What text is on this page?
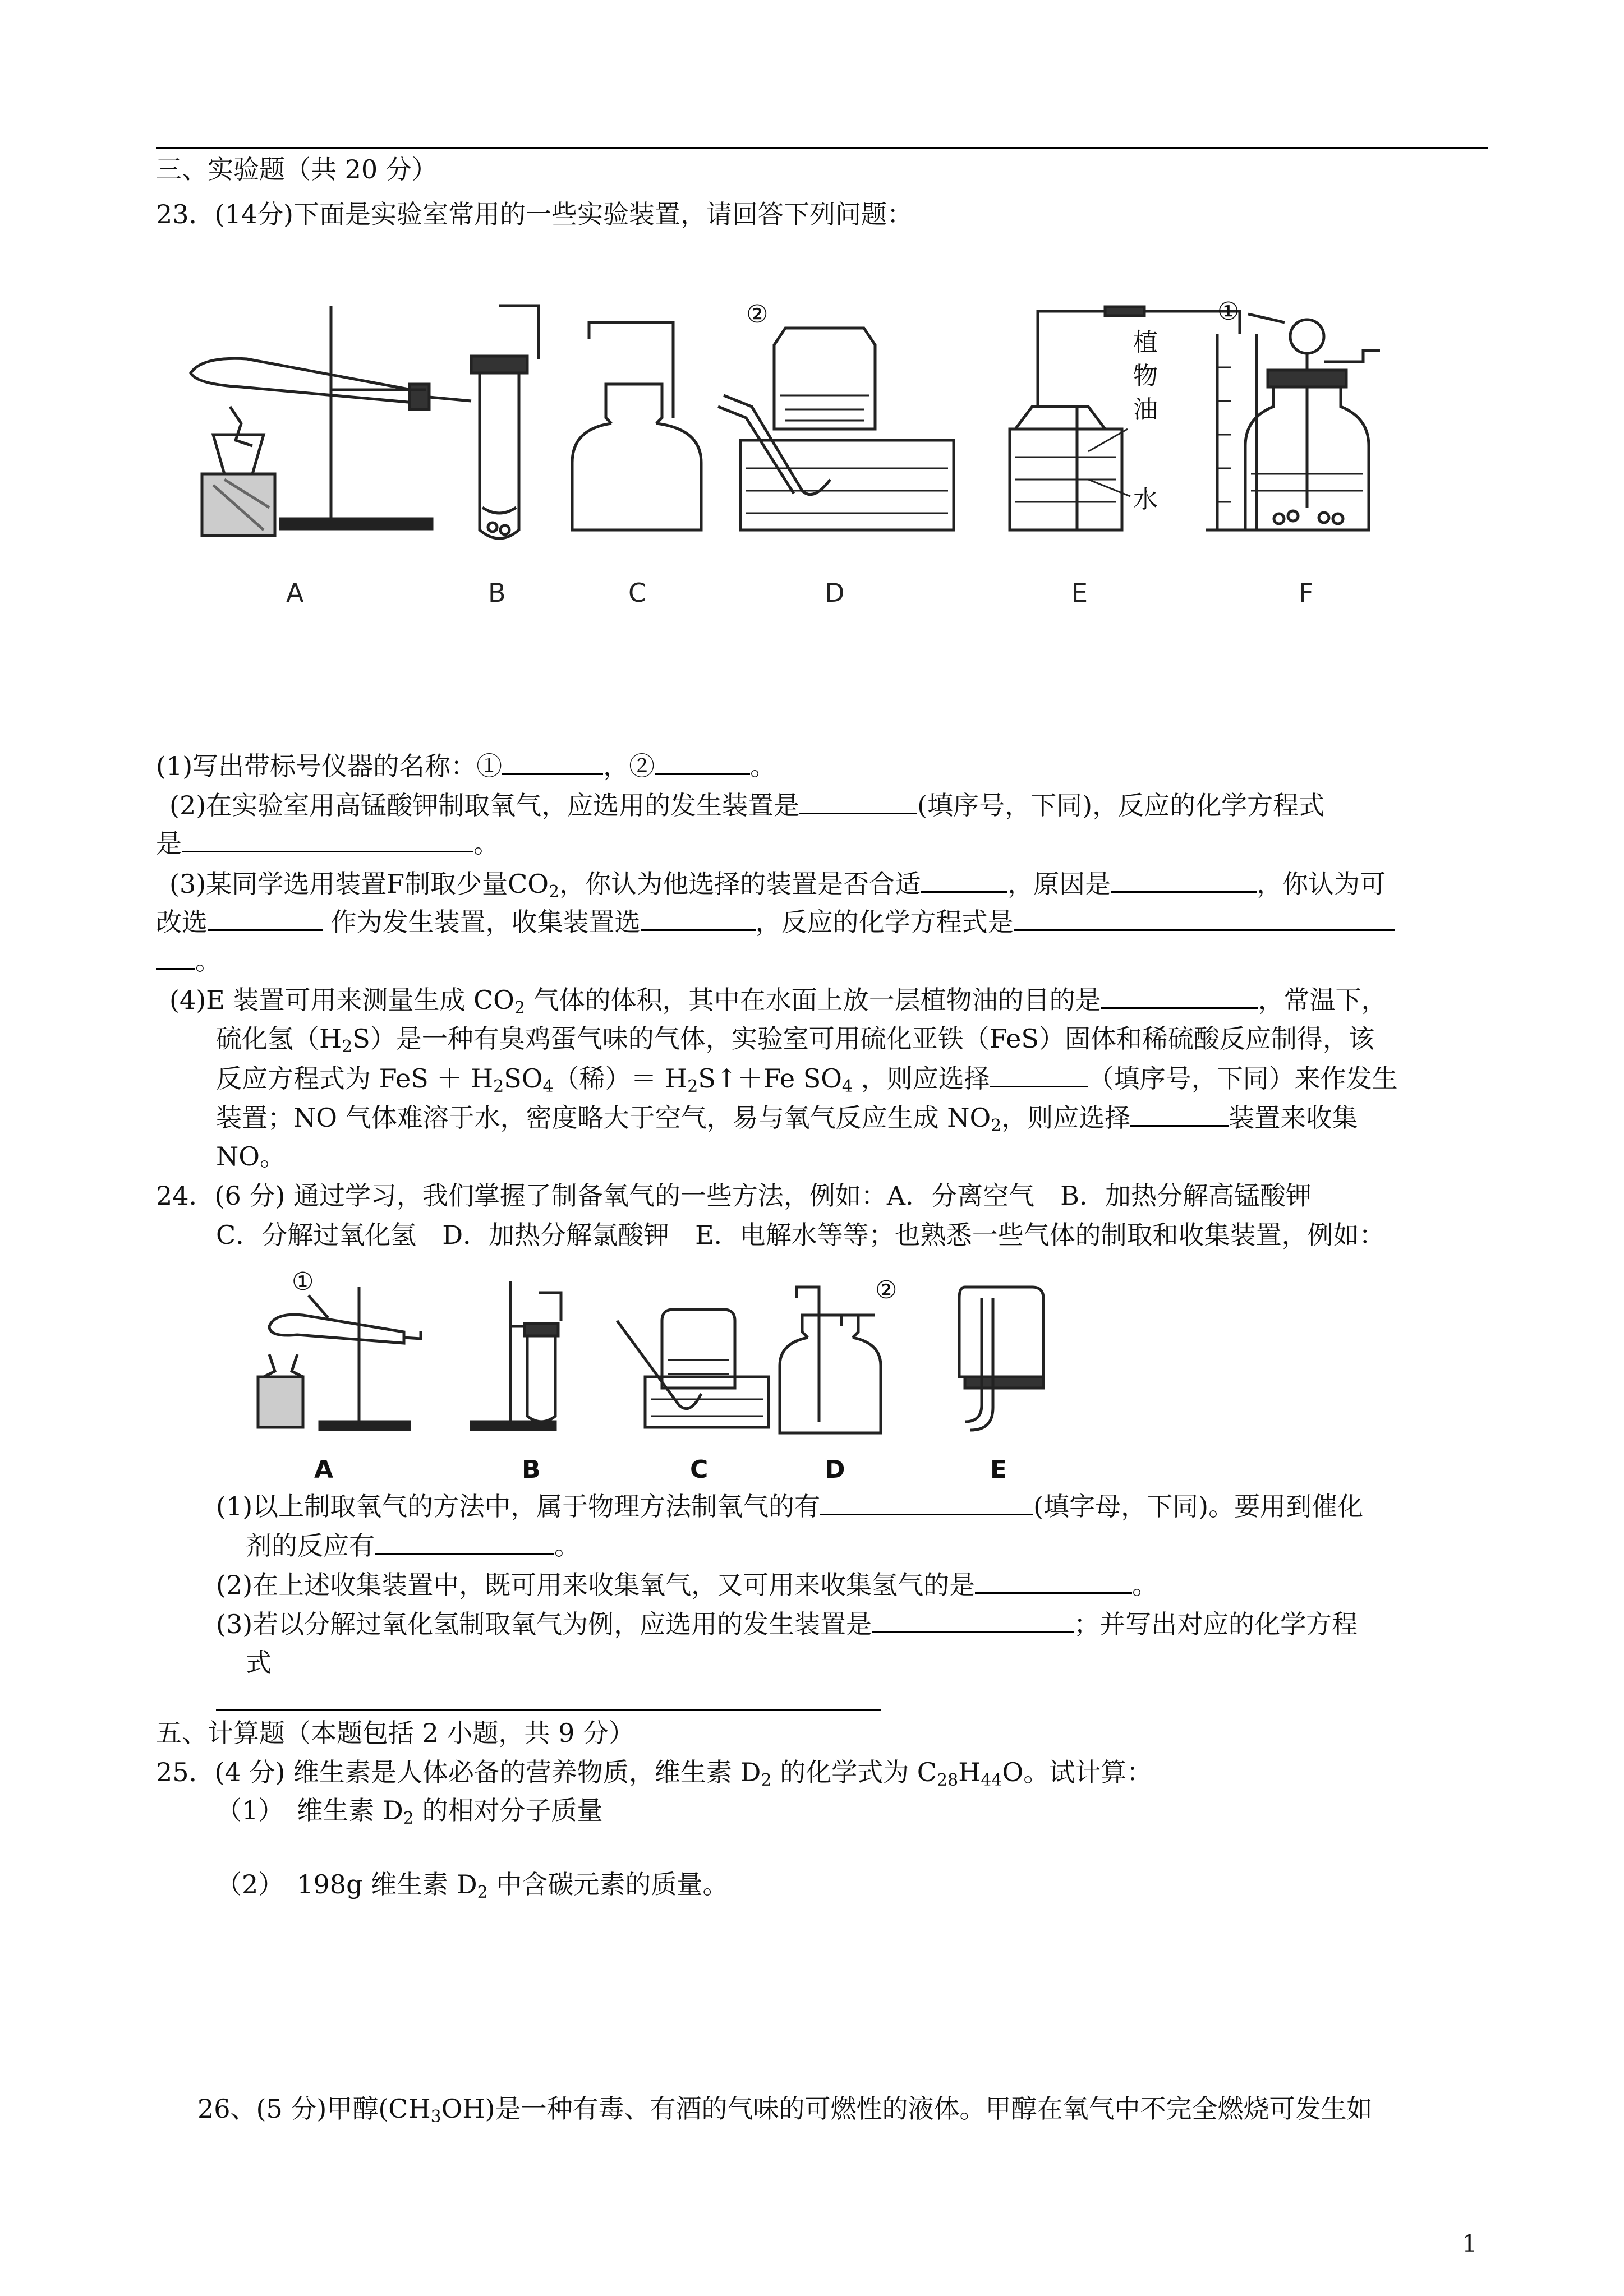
三、实验题（共 20 分）
23．(14分)下面是实验室常用的一些实验装置，请回答下列问题：
A	B	C
②
D
植
物
油
水
E
①
F
(1)写出带标号仪器的名称：①	，②	。
(2)在实验室用高锰酸钾制取氧气，应选用的发生装置是	(填序号，下同)，反应的化学方程式
是	。
(3)某同学选用装置F制取少量$CO_2$，你认为他选择的装置是否合适	，原因是	，你认为可
改选	作为发生装置，收集装置选	，反应的化学方程式是
。
(4)E 装置可用来测量生成 $CO_2$ 气体的体积，其中在水面上放一层植物油的目的是	，常温下，
硫化氢$(H_2S)$是一种有臭鸡蛋气味的气体，实验室可用硫化亚铁（FeS）固体和稀硫酸反应制得，该
反应方程式为 FeS ＋ $H_2SO_4$（稀）＝ $H_2S↑+Fe$ $SO_4$ ，则应选择	（填序号，下同）来作发生
装置；NO 气体难溶于水，密度略大于空气，易与氧气反应生成 $NO_2$，则应选择	装置来收集
NO。
24．(6 分) 通过学习，我们掌握了制备氧气的一些方法，例如：A．分离空气　B．加热分解高锰酸钾
C．分解过氧化氢　D．加热分解氯酸钾　E．电解水等等；也熟悉一些气体的制取和收集装置，例如：
①
A	B	C
②
D	E
(1)以上制取氧气的方法中，属于物理方法制氧气的有	(填字母，下同)。要用到催化
剂的反应有	。
(2)在上述收集装置中，既可用来收集氧气，又可用来收集氢气的是	。
(3)若以分解过氧化氢制取氧气为例，应选用的发生装置是	；并写出对应的化学方程
式
五、计算题（本题包括 2 小题，共 9 分）
25．(4 分) 维生素是人体必备的营养物质，维生素 $D_2$ 的化学式为 $C_{28}H_{44}O$。试计算：
（1）　维生素 $D_2$ 的相对分子质量
（2）　198g 维生素 $D_2$ 中含碳元素的质量。
26、(5 分)甲醇$(CH_3OH)$是一种有毒、有酒的气味的可燃性的液体。甲醇在氧气中不完全燃烧可发生如
1
